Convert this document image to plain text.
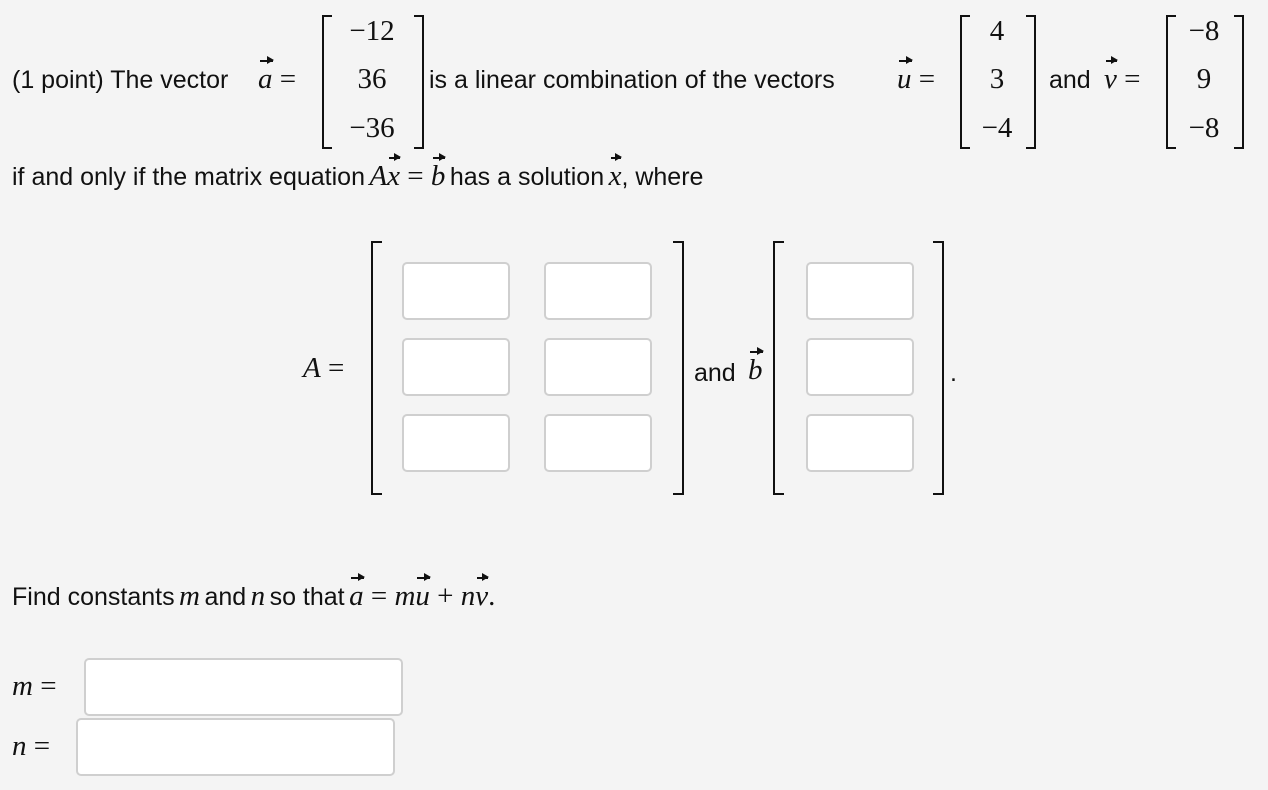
(1 point) The vector a =
−12
36
−36
is a linear combination of the vectors u =
4
3
−4
and v =
−8
9
−8
if and only if the matrix equation Ax = b has a solution x, where
A =	and b	.
Find constants m and n so that a = mu + nv.
m =
n =
